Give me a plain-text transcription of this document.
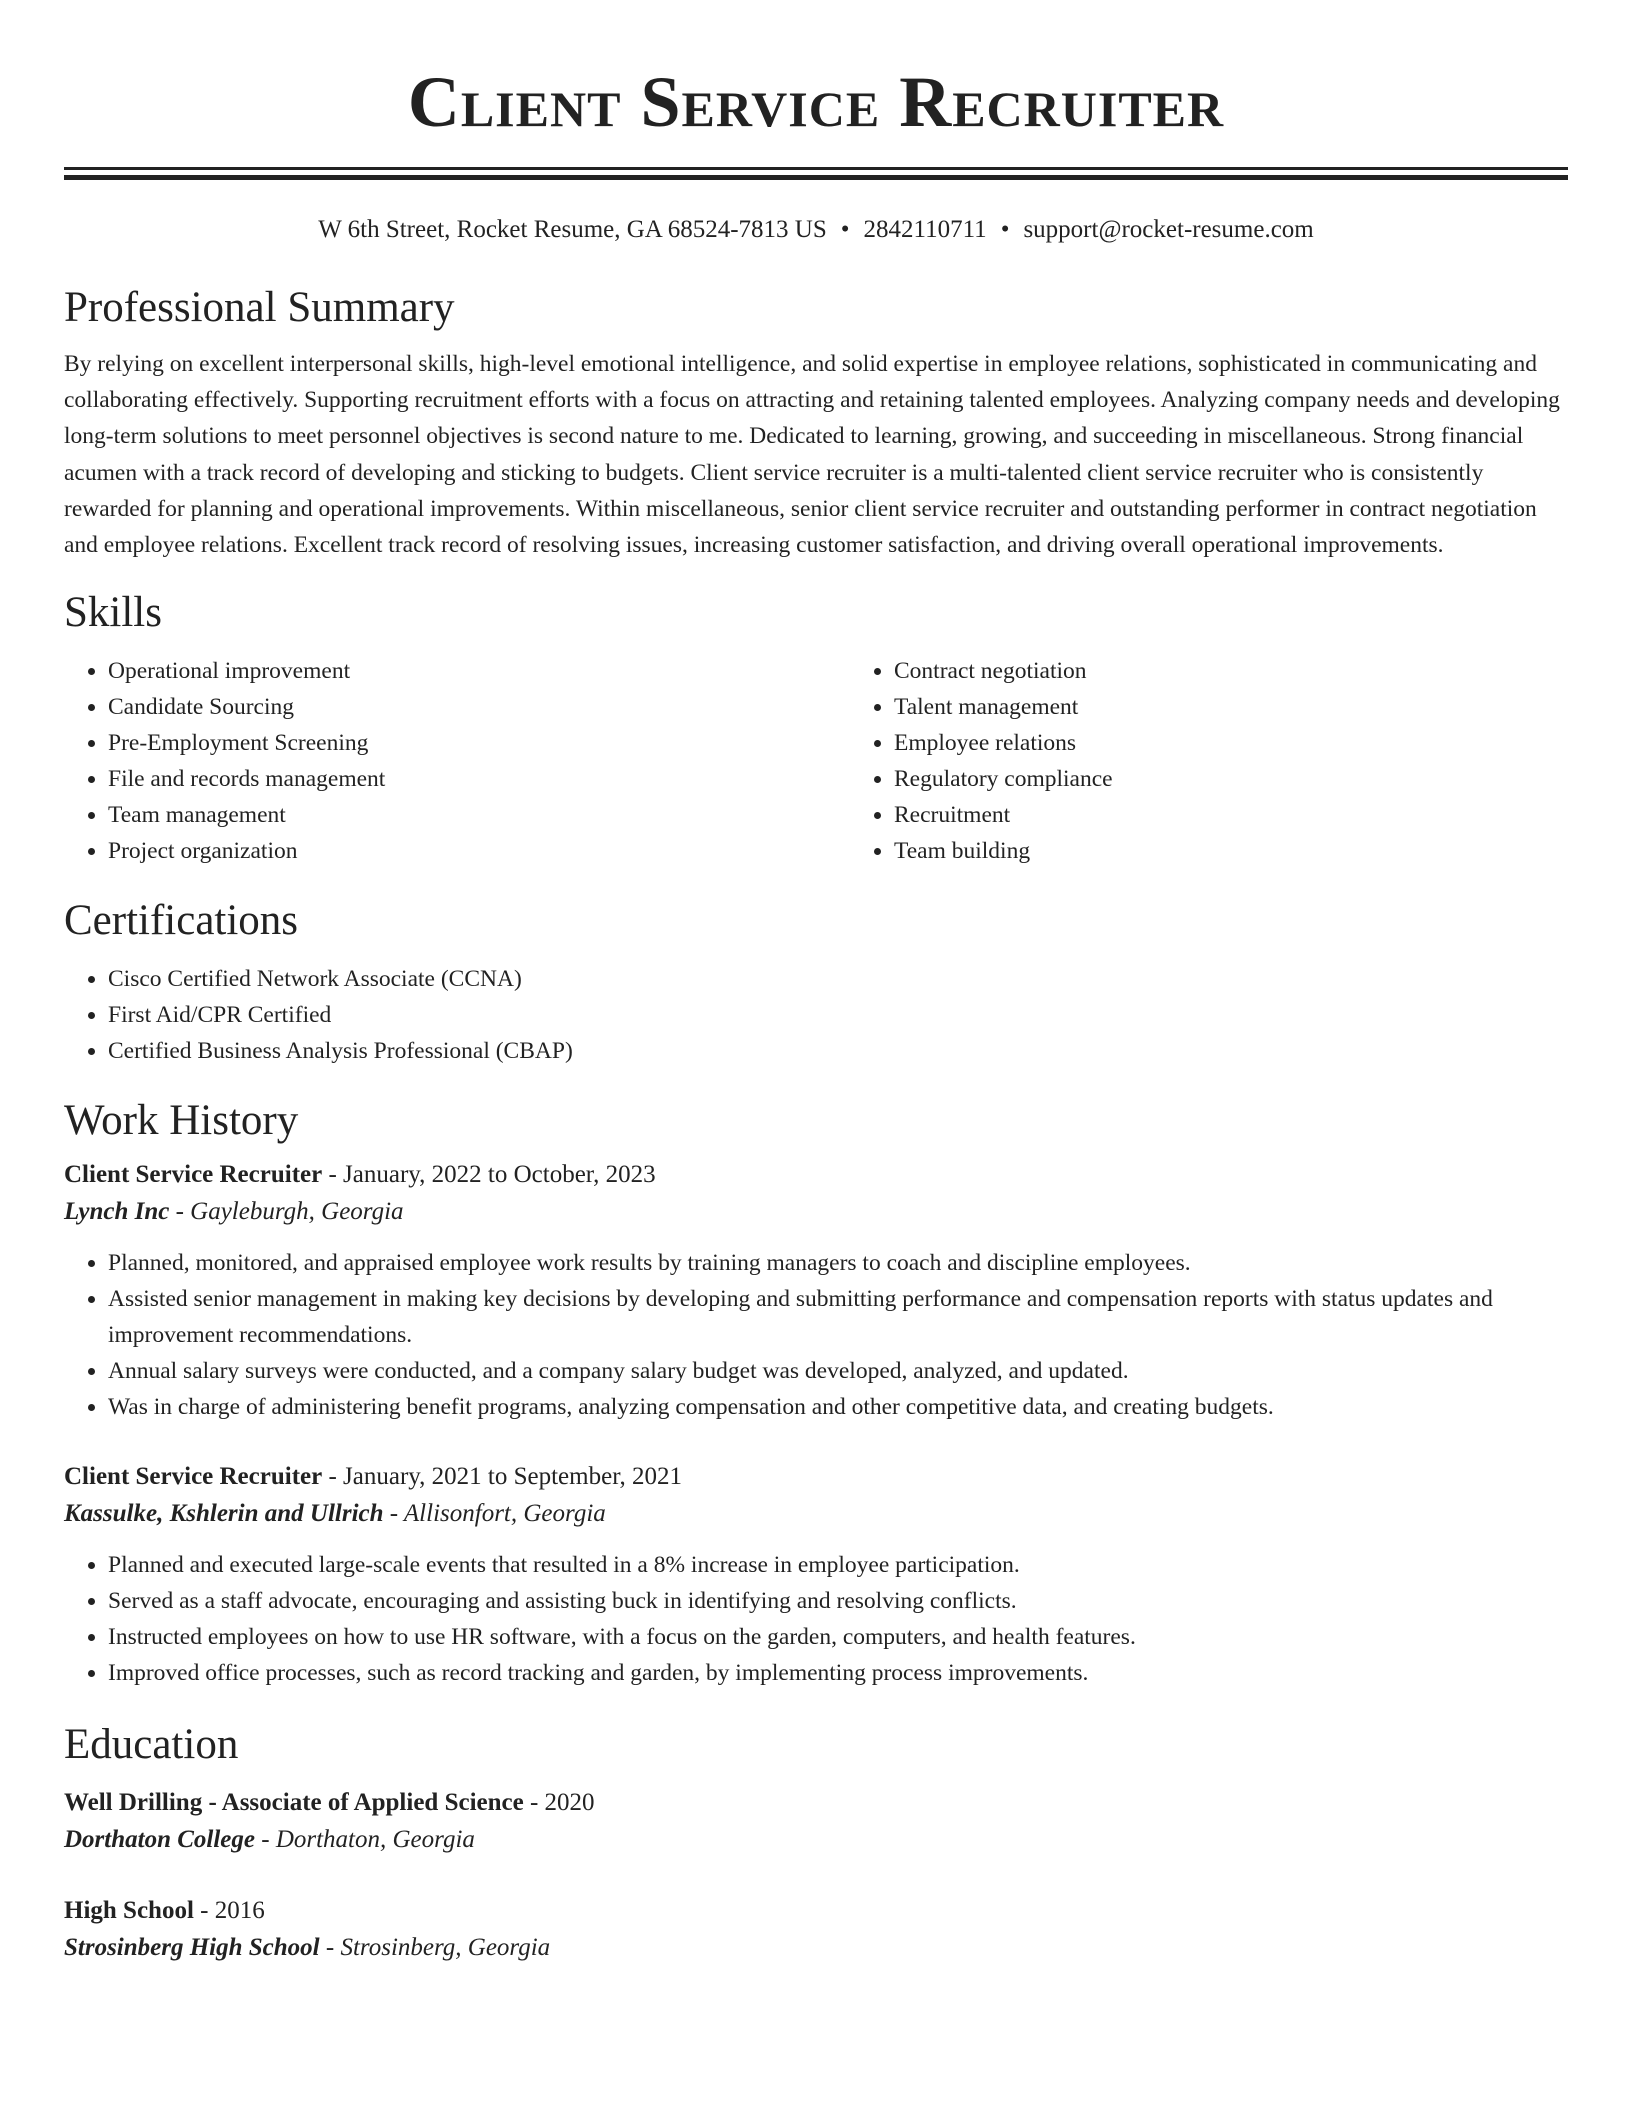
Client Service Recruiter
W 6th Street, Rocket Resume, GA 68524-7813 US • 2842110711 • support@rocket-resume.com
Professional Summary

By relying on excellent interpersonal skills, high-level emotional intelligence, and solid expertise in employee relations, sophisticated in communicating and collaborating effectively. Supporting recruitment efforts with a focus on attracting and retaining talented employees. Analyzing company needs and developing long-term solutions to meet personnel objectives is second nature to me. Dedicated to learning, growing, and succeeding in miscellaneous. Strong financial acumen with a track record of developing and sticking to budgets. Client service recruiter is a multi-talented client service recruiter who is consistently rewarded for planning and operational improvements. Within miscellaneous, senior client service recruiter and outstanding performer in contract negotiation and employee relations. Excellent track record of resolving issues, increasing customer satisfaction, and driving overall operational improvements.

Skills
• Operational improvement
• Candidate Sourcing
• Pre-Employment Screening
• File and records management
• Team management
• Project organization
• Contract negotiation
• Talent management
• Employee relations
• Regulatory compliance
• Recruitment
• Team building
Certifications
• Cisco Certified Network Associate (CCNA)
• First Aid/CPR Certified
• Certified Business Analysis Professional (CBAP)
Work History
Client Service Recruiter - January, 2022 to October, 2023
Lynch Inc - Gayleburgh, Georgia
• Planned, monitored, and appraised employee work results by training managers to coach and discipline employees.
• Assisted senior management in making key decisions by developing and submitting performance and compensation reports with status updates and improvement recommendations.
• Annual salary surveys were conducted, and a company salary budget was developed, analyzed, and updated.
• Was in charge of administering benefit programs, analyzing compensation and other competitive data, and creating budgets.
Client Service Recruiter - January, 2021 to September, 2021
Kassulke, Kshlerin and Ullrich - Allisonfort, Georgia
• Planned and executed large-scale events that resulted in a 8% increase in employee participation.
• Served as a staff advocate, encouraging and assisting buck in identifying and resolving conflicts.
• Instructed employees on how to use HR software, with a focus on the garden, computers, and health features.
• Improved office processes, such as record tracking and garden, by implementing process improvements.
Education
Well Drilling - Associate of Applied Science - 2020
Dorthaton College - Dorthaton, Georgia
High School - 2016
Strosinberg High School - Strosinberg, Georgia
